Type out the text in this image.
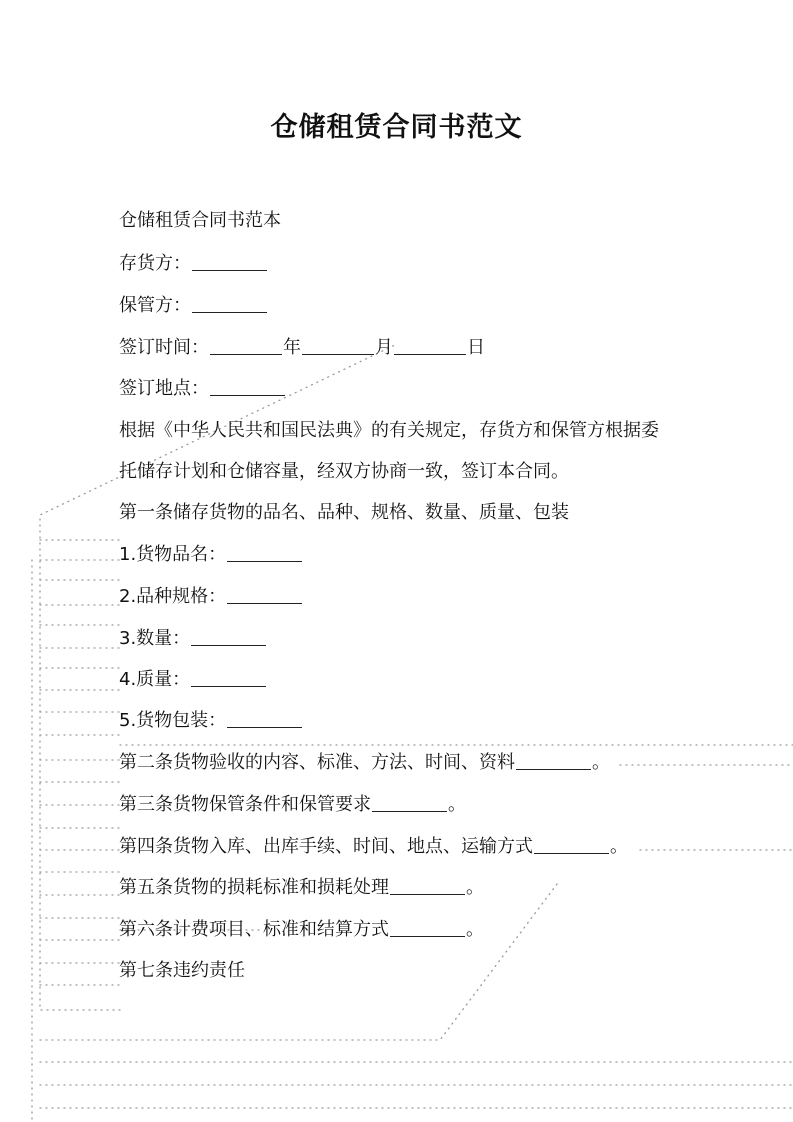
仓储租赁合同书范文
仓储租赁合同书范本
存货方：
保管方：
签订时间：	年	月	日
签订地点：
根据《中华人民共和国民法典》的有关规定，存货方和保管方根据委
托储存计划和仓储容量，经双方协商一致，签订本合同。
第一条储存货物的品名、品种、规格、数量、质量、包装
1.货物品名：
2.品种规格：
3.数量：
4.质量：
5.货物包装：
第二条货物验收的内容、标准、方法、时间、资料	。
第三条货物保管条件和保管要求	。
第四条货物入库、出库手续、时间、地点、运输方式	。
第五条货物的损耗标准和损耗处理	。
第六条计费项目、标准和结算方式	。
第七条违约责任
